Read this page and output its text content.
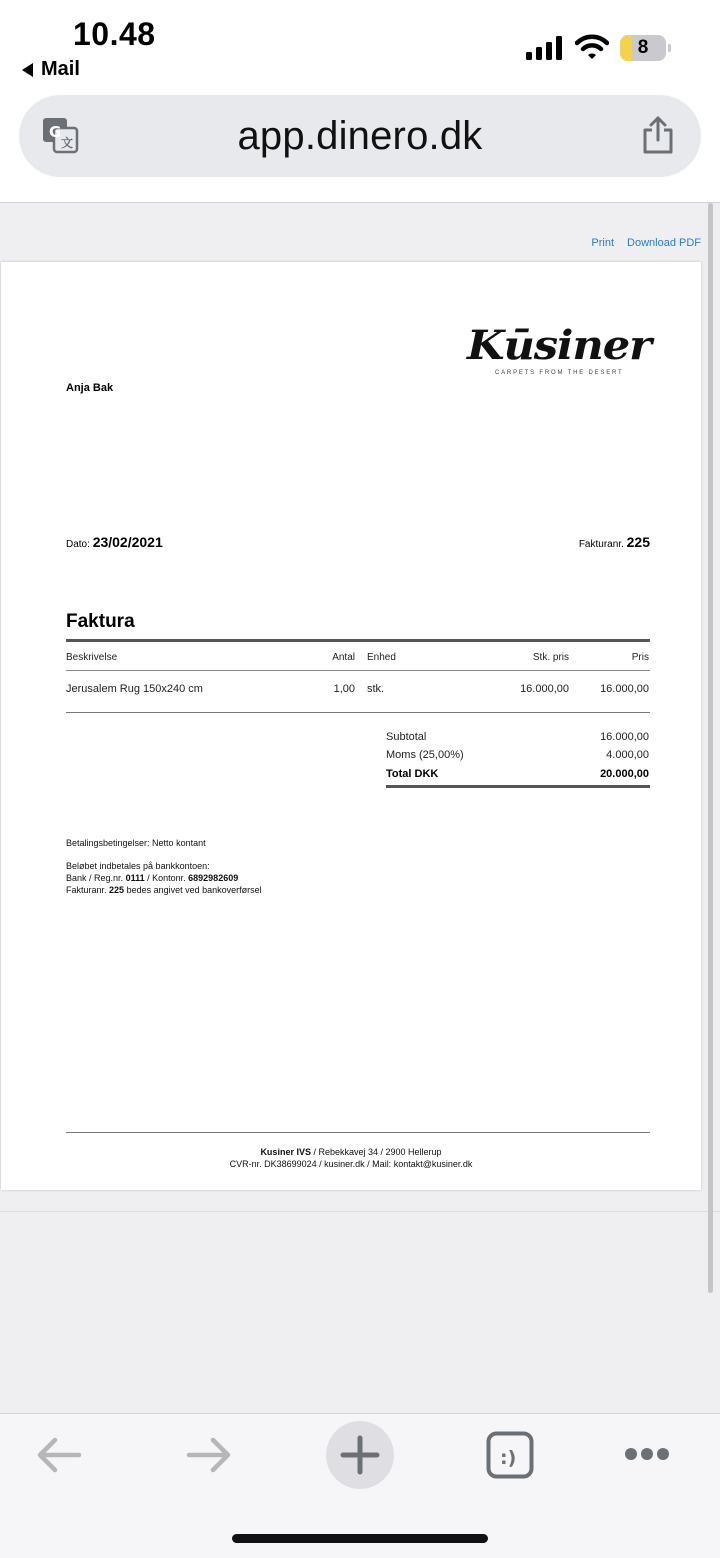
10.48
Mail
8
app.dinero.dk
G
文
Print Download PDF
Kūsiner
CARPETS FROM THE DESERT
Anja Bak
Dato: 23/02/2021	Fakturanr. 225
Faktura
Beskrivelse	Antal Enhed	Stk. pris	Pris
Jerusalem Rug 150x240 cm	1,00 stk.	16.000,00	16.000,00
Subtotal	16.000,00
Moms (25,00%)	4.000,00
Total DKK	20.000,00
Betalingsbetingelser: Netto kontant
Beløbet indbetales på bankkontoen:
Bank / Reg.nr. 0111 / Kontonr. 6892982609
Fakturanr. 225 bedes angivet ved bankoverførsel
Kusiner IVS / Rebekkavej 34 / 2900 Hellerup
CVR-nr. DK38699024 / kusiner.dk / Mail: kontakt@kusiner.dk
:)
